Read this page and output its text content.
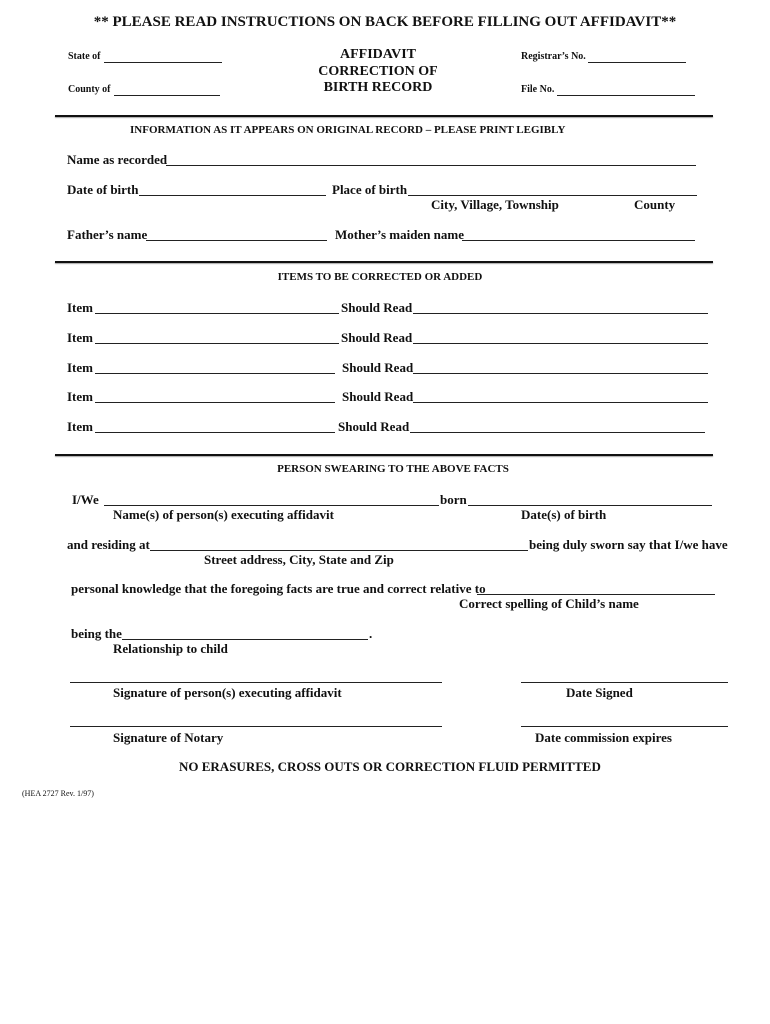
** PLEASE READ INSTRUCTIONS ON BACK BEFORE FILLING OUT AFFIDAVIT**
State of
County of
AFFIDAVIT
CORRECTION OF
BIRTH RECORD
Registrar’s No.
File No.
INFORMATION AS IT APPEARS ON ORIGINAL RECORD – PLEASE PRINT LEGIBLY
Name as recorded
Date of birth	Place of birth
City, Village, Township	County
Father’s name	Mother’s maiden name
ITEMS TO BE CORRECTED OR ADDED
Item	Should Read
Item	Should Read
Item	Should Read
Item	Should Read
Item	Should Read
PERSON SWEARING TO THE ABOVE FACTS
I/We	born
Name(s) of person(s) executing affidavit	Date(s) of birth
and residing at	being duly sworn say that I/we have
Street address, City, State and Zip
personal knowledge that the foregoing facts are true and correct relative to
Correct spelling of Child’s name
being the	.
Relationship to child
Signature of person(s) executing affidavit	Date Signed
Signature of Notary	Date commission expires
NO ERASURES, CROSS OUTS OR CORRECTION FLUID PERMITTED
(HEA 2727 Rev. 1/97)
